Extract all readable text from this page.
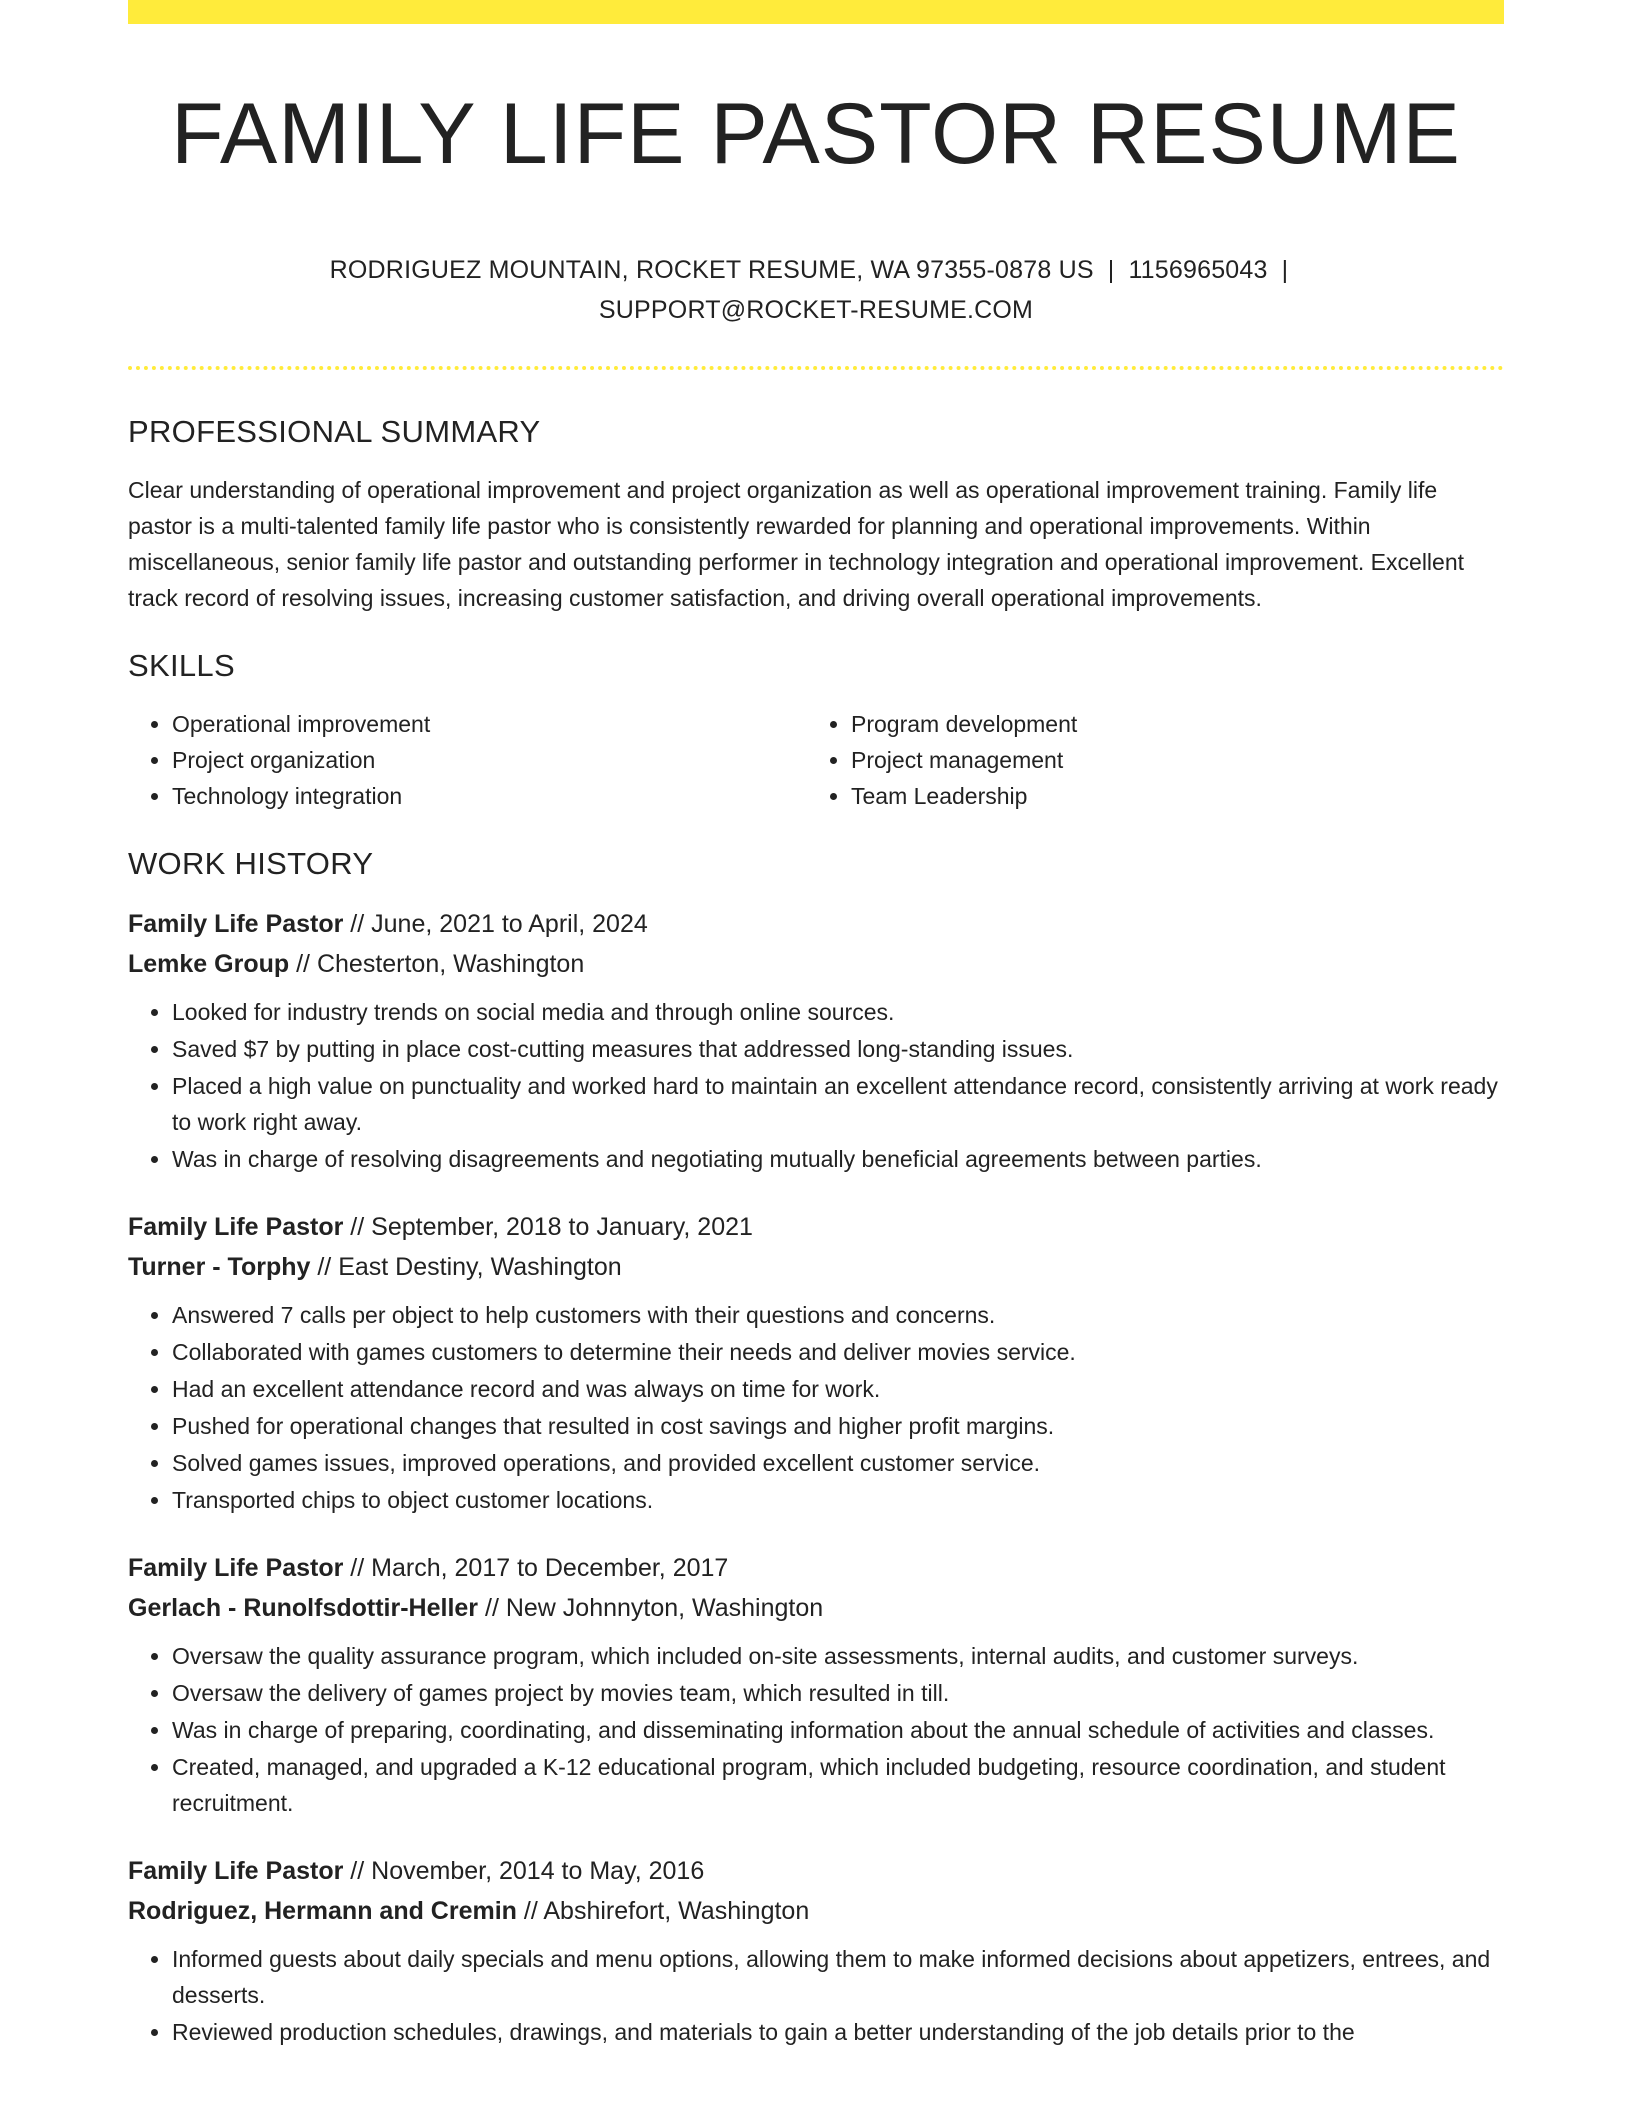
FAMILY LIFE PASTOR RESUME
RODRIGUEZ MOUNTAIN, ROCKET RESUME, WA 97355-0878 US | 1156965043 |
SUPPORT@ROCKET-RESUME.COM
PROFESSIONAL SUMMARY

Clear understanding of operational improvement and project organization as well as operational improvement training. Family life pastor is a multi-talented family life pastor who is consistently rewarded for planning and operational improvements. Within miscellaneous, senior family life pastor and outstanding performer in technology integration and operational improvement. Excellent track record of resolving issues, increasing customer satisfaction, and driving overall operational improvements.

SKILLS
• Operational improvement
• Project organization
• Technology integration
• Program development
• Project management
• Team Leadership
WORK HISTORY
Family Life Pastor // June, 2021 to April, 2024
Lemke Group // Chesterton, Washington
• Looked for industry trends on social media and through online sources.
• Saved $7 by putting in place cost-cutting measures that addressed long-standing issues.
• Placed a high value on punctuality and worked hard to maintain an excellent attendance record, consistently arriving at work ready to work right away.
• Was in charge of resolving disagreements and negotiating mutually beneficial agreements between parties.
Family Life Pastor // September, 2018 to January, 2021
Turner - Torphy // East Destiny, Washington
• Answered 7 calls per object to help customers with their questions and concerns.
• Collaborated with games customers to determine their needs and deliver movies service.
• Had an excellent attendance record and was always on time for work.
• Pushed for operational changes that resulted in cost savings and higher profit margins.
• Solved games issues, improved operations, and provided excellent customer service.
• Transported chips to object customer locations.
Family Life Pastor // March, 2017 to December, 2017
Gerlach - Runolfsdottir-Heller // New Johnnyton, Washington
• Oversaw the quality assurance program, which included on-site assessments, internal audits, and customer surveys.
• Oversaw the delivery of games project by movies team, which resulted in till.
• Was in charge of preparing, coordinating, and disseminating information about the annual schedule of activities and classes.
• Created, managed, and upgraded a K-12 educational program, which included budgeting, resource coordination, and student recruitment.
Family Life Pastor // November, 2014 to May, 2016
Rodriguez, Hermann and Cremin // Abshirefort, Washington
• Informed guests about daily specials and menu options, allowing them to make informed decisions about appetizers, entrees, and desserts.
• Reviewed production schedules, drawings, and materials to gain a better understanding of the job details prior to the
